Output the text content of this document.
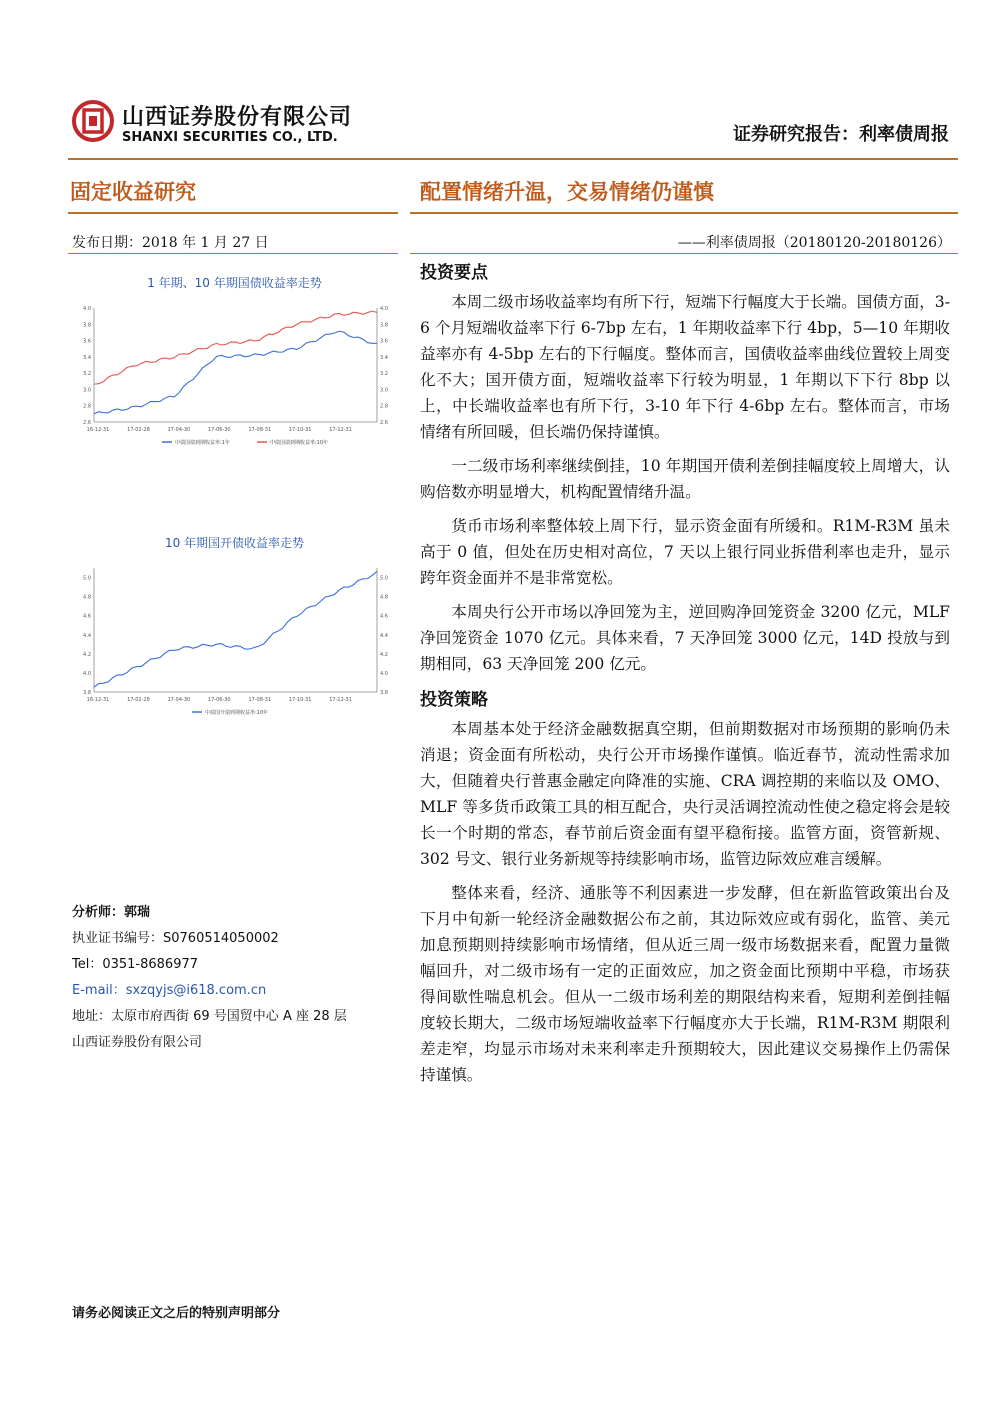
山西证券股份有限公司
SHANXI SECURITIES CO., LTD.	证券研究报告：利率债周报
固定收益研究	配置情绪升温，交易情绪仍谨慎
发布日期：2018 年 1 月 27 日	——利率债周报（20180120-20180126）
1 年期、10 年期国债收益率走势
2.6
2.8
3.0
3.2
3.4
3.6
3.8
4.0
2.6
2.8
3.0
3.2
3.4
3.6
3.8
4.0
16-12-31	17-02-28	17-04-30	17-06-30	17-08-31	17-10-31	17-12-31
中债国债到期收益率:1年	中债国债到期收益率:10年
10 年期国开债收益率走势
3.8
4.0
4.2
4.4
4.6
4.8
5.0
3.8
4.0
4.2
4.4
4.6
4.8
5.0
16-12-31	17-02-28	17-04-30	17-06-30	17-08-31	17-10-31	17-12-31
中债国开债到期收益率:10年
投资要点

本周二级市场收益率均有所下行，短端下行幅度大于长端。国债方面，3-6 个月短端收益率下行 6-7bp 左右，1 年期收益率下行 4bp，5—10 年期收益率亦有 4-5bp 左右的下行幅度。整体而言，国债收益率曲线位置较上周变化不大；国开债方面，短端收益率下行较为明显，1 年期以下下行 8bp 以上，中长端收益率也有所下行，3-10 年下行 4-6bp 左右。整体而言，市场情绪有所回暖，但长端仍保持谨慎。

一二级市场利率继续倒挂，10 年期国开债利差倒挂幅度较上周增大，认购倍数亦明显增大，机构配置情绪升温。

货币市场利率整体较上周下行，显示资金面有所缓和。R1M-R3M 虽未高于 0 值，但处在历史相对高位，7 天以上银行同业拆借利率也走升，显示跨年资金面并不是非常宽松。

本周央行公开市场以净回笼为主，逆回购净回笼资金 3200 亿元，MLF 净回笼资金 1070 亿元。具体来看，7 天净回笼 3000 亿元，14D 投放与到期相同，63 天净回笼 200 亿元。

投资策略

本周基本处于经济金融数据真空期，但前期数据对市场预期的影响仍未消退；资金面有所松动，央行公开市场操作谨慎。临近春节，流动性需求加大，但随着央行普惠金融定向降准的实施、CRA 调控期的来临以及 OMO、MLF 等多货币政策工具的相互配合，央行灵活调控流动性使之稳定将会是较长一个时期的常态，春节前后资金面有望平稳衔接。监管方面，资管新规、302 号文、银行业务新规等持续影响市场，监管边际效应难言缓解。

整体来看，经济、通胀等不利因素进一步发酵，但在新监管政策出台及下月中旬新一轮经济金融数据公布之前，其边际效应或有弱化，监管、美元加息预期则持续影响市场情绪，但从近三周一级市场数据来看，配置力量微幅回升，对二级市场有一定的正面效应，加之资金面比预期中平稳，市场获得间歇性喘息机会。但从一二级市场利差的期限结构来看，短期利差倒挂幅度较长期大，二级市场短端收益率下行幅度亦大于长端，R1M-R3M 期限利差走窄，均显示市场对未来利率走升预期较大，因此建议交易操作上仍需保持谨慎。

分析师：郭瑞
执业证书编号：S0760514050002
Tel：0351-8686977
E-mail：sxzqyjs@i618.com.cn
地址：太原市府西街 69 号国贸中心 A 座 28 层
山西证券股份有限公司
请务必阅读正文之后的特别声明部分
